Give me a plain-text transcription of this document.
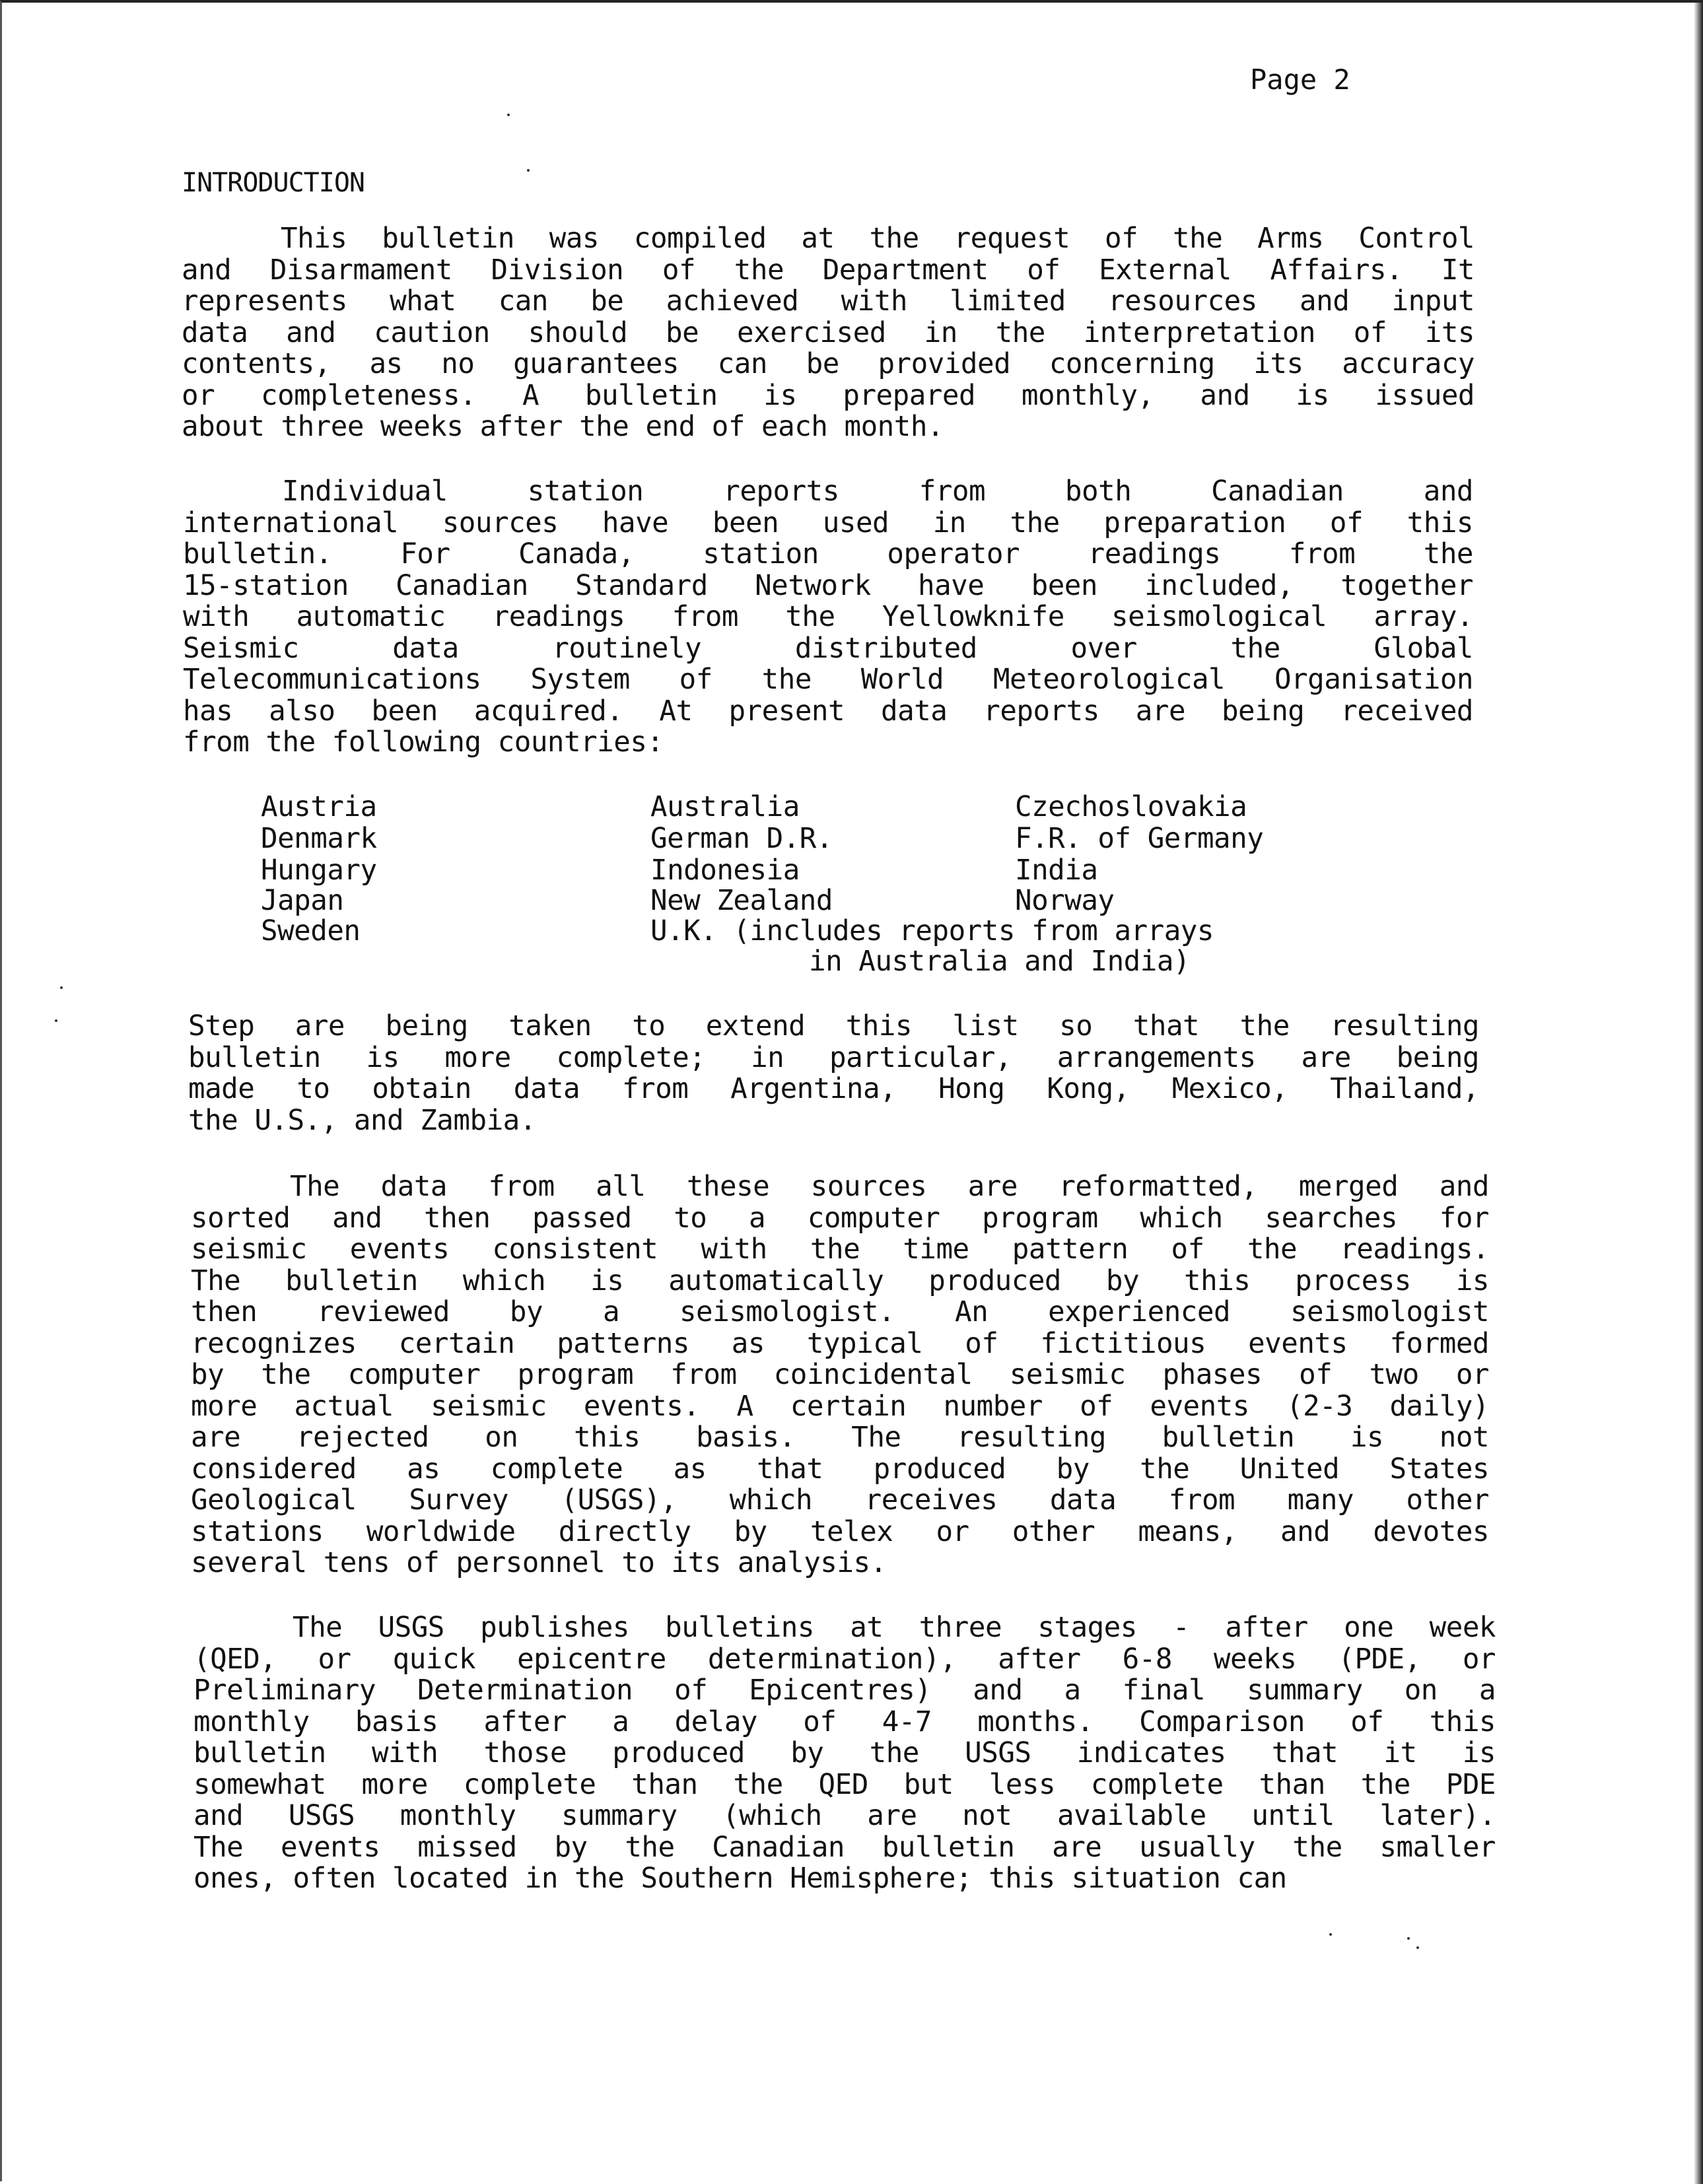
Page 2
INTRODUCTION
This bulletin was compiled at the request of the Arms Control
and Disarmament Division of the Department of External Affairs. It
represents what can be achieved with limited resources and input
data and caution should be exercised in the interpretation of its
contents, as no guarantees can be provided concerning its accuracy
or completeness. A bulletin is prepared monthly, and is issued
about three weeks after the end of each month.
Individual station reports from both Canadian and
international sources have been used in the preparation of this
bulletin. For Canada, station operator readings from the
15-station Canadian Standard Network have been included, together
with automatic readings from the Yellowknife seismological array.
Seismic data routinely distributed over the Global
Telecommunications System of the World Meteorological Organisation
has also been acquired. At present data reports are being received
from the following countries:
Austria	Australia	Czechoslovakia
Denmark	German D.R.	F.R. of Germany
Hungary	Indonesia	India
Japan	New Zealand	Norway
Sweden	U.K. (includes reports from arrays
in Australia and India)
Step are being taken to extend this list so that the resulting
bulletin is more complete; in particular, arrangements are being
made to obtain data from Argentina, Hong Kong, Mexico, Thailand,
the U.S., and Zambia.
The data from all these sources are reformatted, merged and
sorted and then passed to a computer program which searches for
seismic events consistent with the time pattern of the readings.
The bulletin which is automatically produced by this process is
then reviewed by a seismologist. An experienced seismologist
recognizes certain patterns as typical of fictitious events formed
by the computer program from coincidental seismic phases of two or
more actual seismic events. A certain number of events (2-3 daily)
are rejected on this basis. The resulting bulletin is not
considered as complete as that produced by the United States
Geological Survey (USGS), which receives data from many other
stations worldwide directly by telex or other means, and devotes
several tens of personnel to its analysis.
The USGS publishes bulletins at three stages - after one week
(QED, or quick epicentre determination), after 6-8 weeks (PDE, or
Preliminary Determination of Epicentres) and a final summary on a
monthly basis after a delay of 4-7 months. Comparison of this
bulletin with those produced by the USGS indicates that it is
somewhat more complete than the QED but less complete than the PDE
and USGS monthly summary (which are not available until later).
The events missed by the Canadian bulletin are usually the smaller
ones, often located in the Southern Hemisphere; this situation can
